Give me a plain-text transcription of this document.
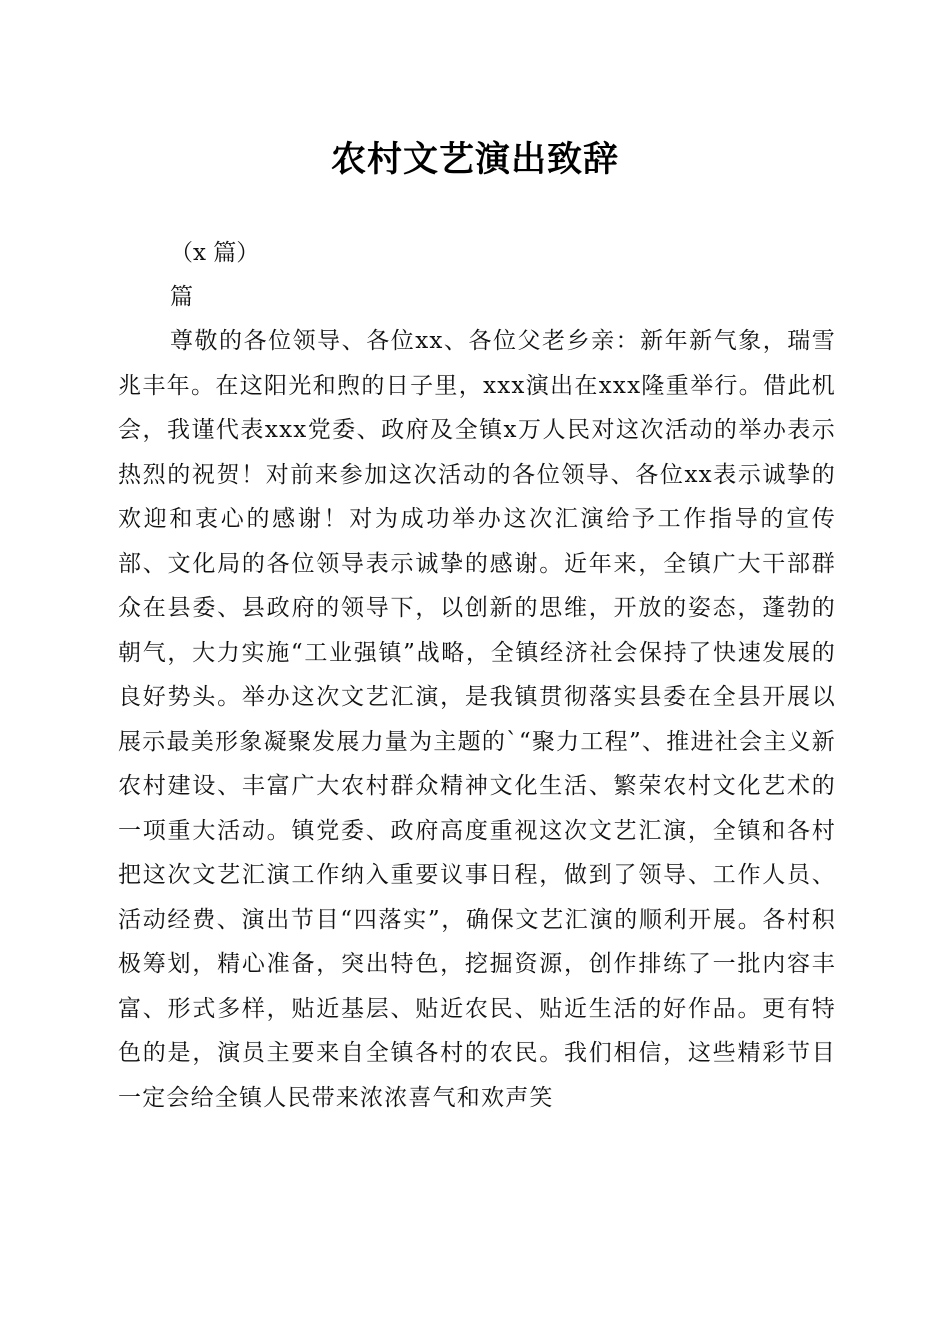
农村文艺演出致辞
（x 篇）
篇

尊敬的各位领导、各位xx、各位父老乡亲：新年新气象，瑞雪兆丰年。在这阳光和煦的日子里，xxx演出在xxx隆重举行。借此机会，我谨代表xxx党委、政府及全镇x万人民对这次活动的举办表示热烈的祝贺！对前来参加这次活动的各位领导、各位xx表示诚挚的欢迎和衷心的感谢！对为成功举办这次汇演给予工作指导的宣传部、文化局的各位领导表示诚挚的感谢。近年来，全镇广大干部群众在县委、县政府的领导下，以创新的思维，开放的姿态，蓬勃的朝气，大力实施“工业强镇”战略，全镇经济社会保持了快速发展的良好势头。举办这次文艺汇演，是我镇贯彻落实县委在全县开展以展示最美形象凝聚发展力量为主题的`“聚力工程”、推进社会主义新农村建设、丰富广大农村群众精神文化生活、繁荣农村文化艺术的一项重大活动。镇党委、政府高度重视这次文艺汇演，全镇和各村把这次文艺汇演工作纳入重要议事日程，做到了领导、工作人员、活动经费、演出节目“四落实”，确保文艺汇演的顺利开展。各村积极筹划，精心准备，突出特色，挖掘资源，创作排练了一批内容丰富、形式多样，贴近基层、贴近农民、贴近生活的好作品。更有特色的是，演员主要来自全镇各村的农民。我们相信，这些精彩节目一定会给全镇人民带来浓浓喜气和欢声笑
